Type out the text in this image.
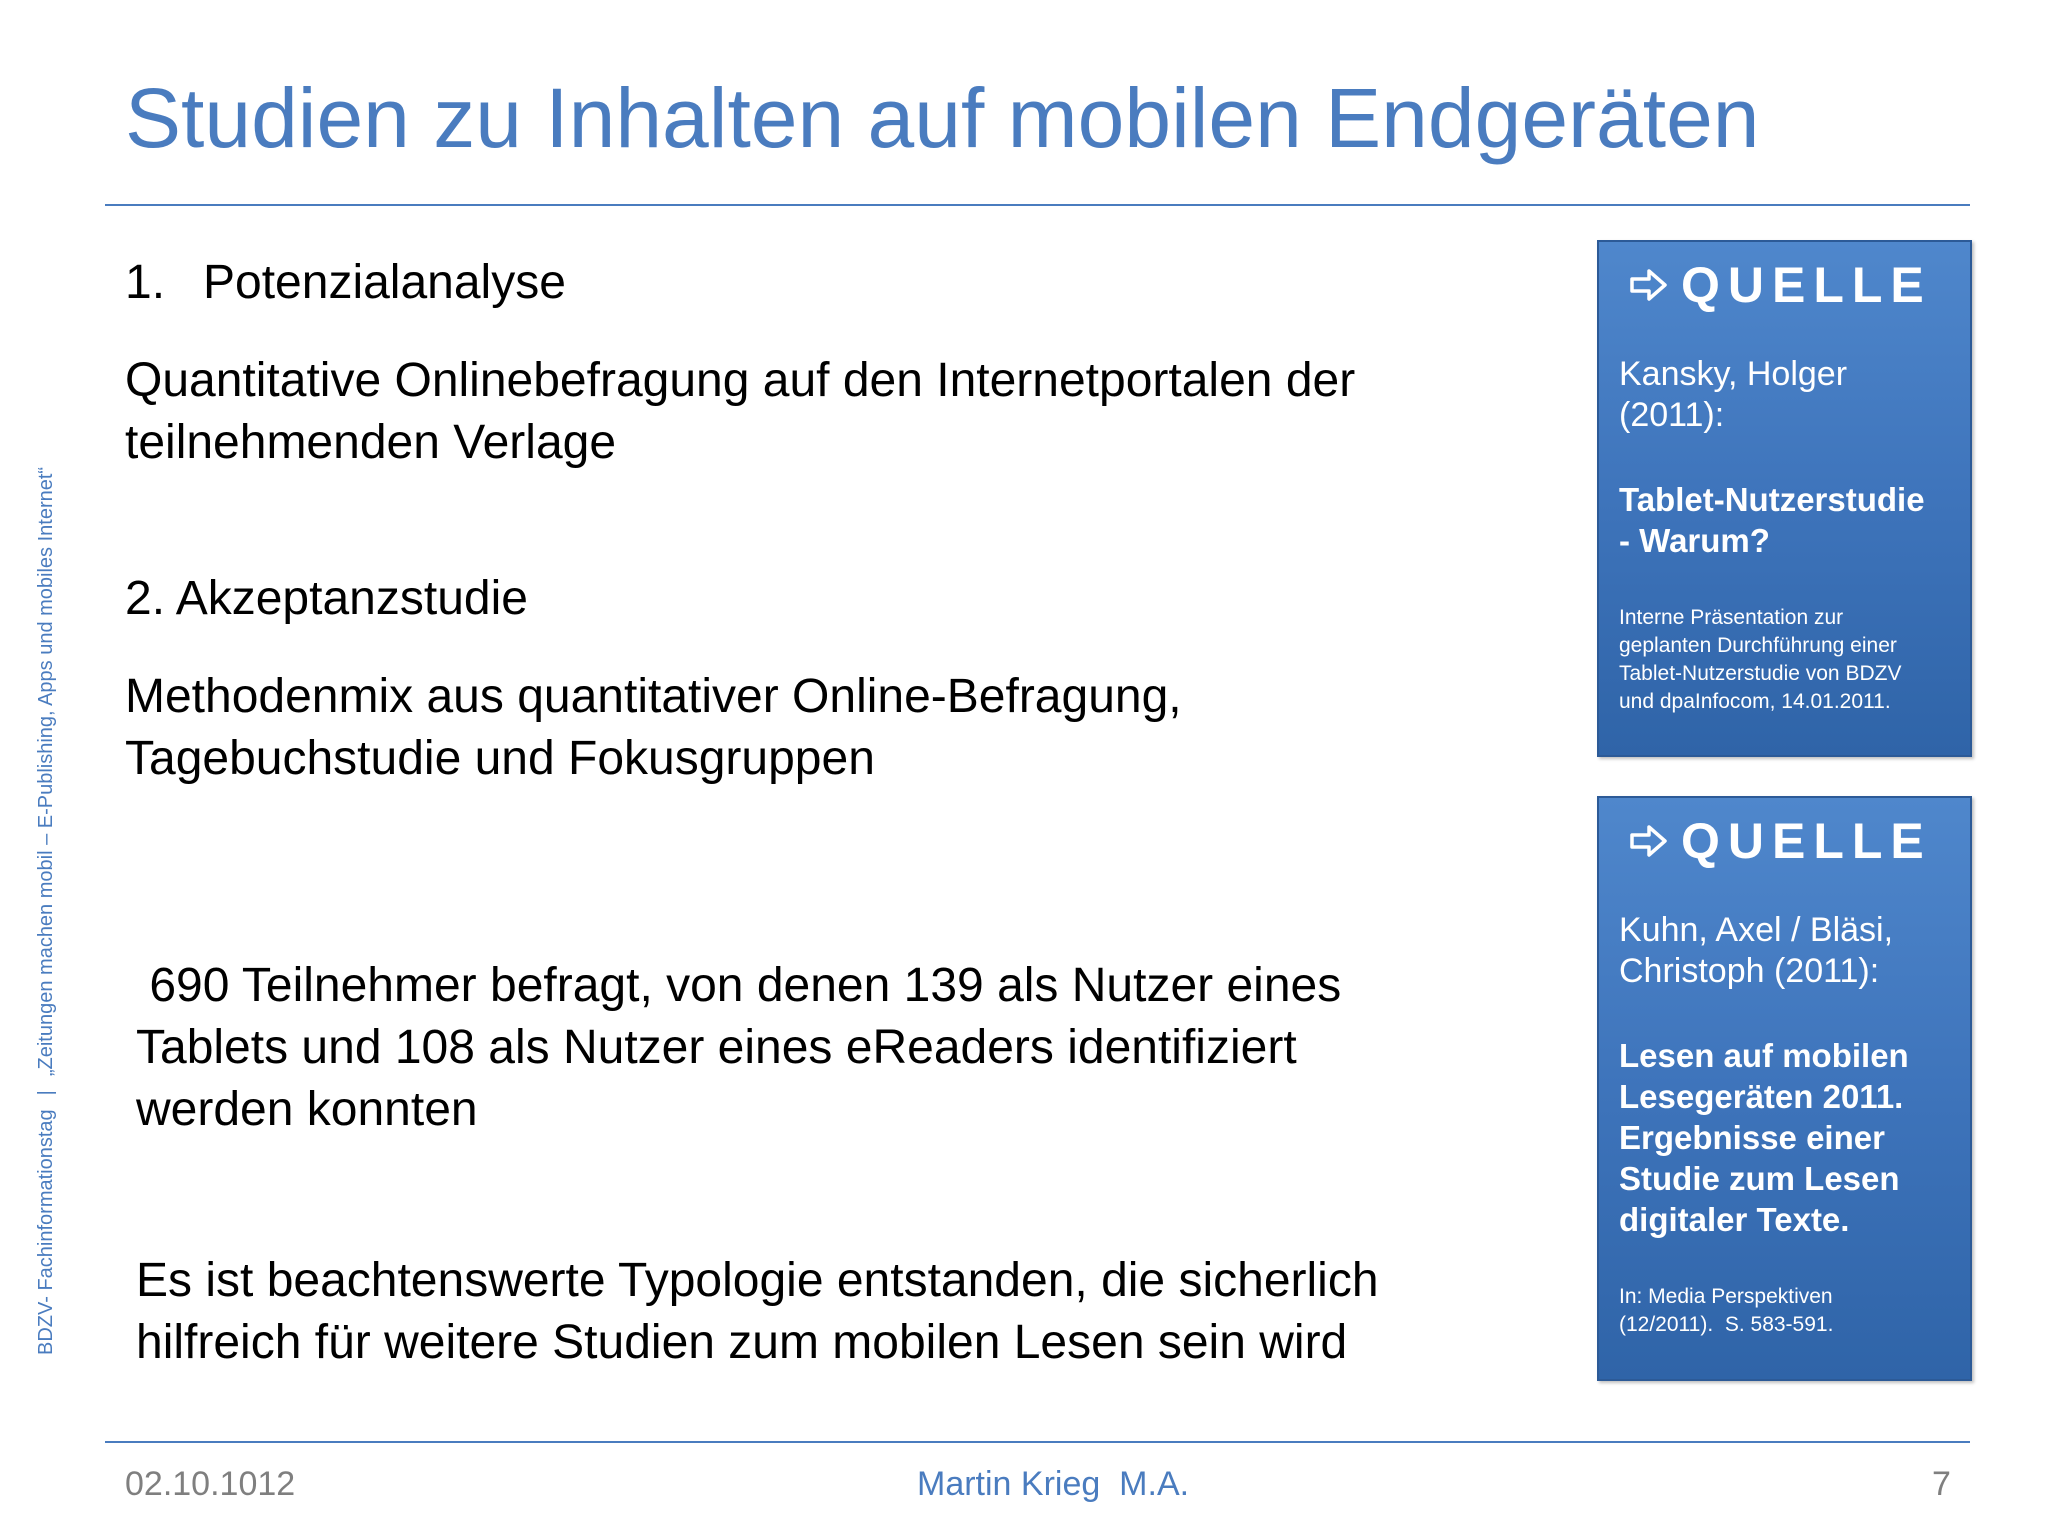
Studien zu Inhalten auf mobilen Endgeräten
BDZV- Fachinformationstag|„Zeitungen machen mobil – E-Publishing, Apps und mobiles Internet“
1. Potenzialanalyse
Quantitative Onlinebefragung auf den Internetportalen der
teilnehmenden Verlage
2. Akzeptanzstudie
Methodenmix aus quantitativer Online-Befragung,
Tagebuchstudie und Fokusgruppen
690 Teilnehmer befragt, von denen 139 als Nutzer eines
Tablets und 108 als Nutzer eines eReaders identifiziert
werden konnten
Es ist beachtenswerte Typologie entstanden, die sicherlich
hilfreich für weitere Studien zum mobilen Lesen sein wird
QUELLE
Kansky, Holger
(2011):
Tablet-Nutzerstudie
- Warum?
Interne Präsentation zur
geplanten Durchführung einer
Tablet-Nutzerstudie von BDZV
und dpaInfocom, 14.01.2011.
QUELLE
Kuhn, Axel / Bläsi,
Christoph (2011):
Lesen auf mobilen
Lesegeräten 2011.
Ergebnisse einer
Studie zum Lesen
digitaler Texte.
In: Media Perspektiven
(12/2011).  S. 583-591.
02.10.1012	Martin Krieg  M.A.	7
